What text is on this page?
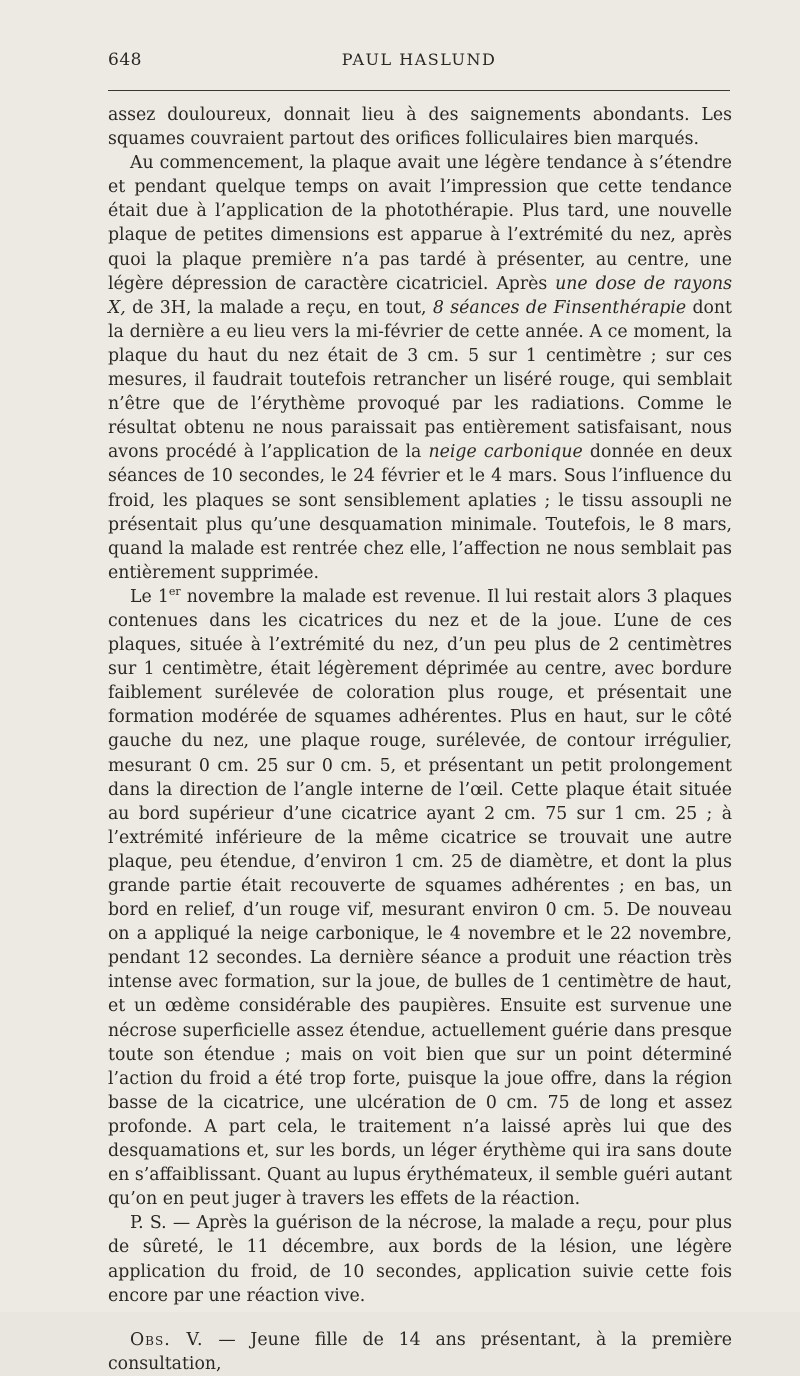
648	PAUL HASLUND

assez douloureux, donnait lieu à des saignements abondants. Les squames couvraient partout des orifices folliculaires bien marqués.

Au commencement, la plaque avait une légère tendance à s’étendre et pendant quelque temps on avait l’impression que cette tendance était due à l’application de la photothérapie. Plus tard, une nouvelle plaque de petites dimensions est apparue à l’extrémité du nez, après quoi la plaque première n’a pas tardé à présenter, au centre, une légère dépression de caractère cicatriciel. Après une dose de rayons X, de 3H, la malade a reçu, en tout, 8 séances de Finsenthérapie dont la dernière a eu lieu vers la mi-février de cette année. A ce moment, la plaque du haut du nez était de 3 cm. 5 sur 1 centimètre ; sur ces mesures, il faudrait toutefois retrancher un liséré rouge, qui semblait n’être que de l’érythème provoqué par les radiations. Comme le résultat obtenu ne nous paraissait pas entièrement satisfaisant, nous avons procédé à l’application de la neige carbonique donnée en deux séances de 10 secondes, le 24 février et le 4 mars. Sous l’influence du froid, les plaques se sont sensiblement aplaties ; le tissu assoupli ne présentait plus qu’une desquamation minimale. Toutefois, le 8 mars, quand la malade est rentrée chez elle, l’affection ne nous semblait pas entièrement supprimée.

Le 1er novembre la malade est revenue. Il lui restait alors 3 plaques contenues dans les cicatrices du nez et de la joue. L’une de ces plaques, située à l’extrémité du nez, d’un peu plus de 2 centimètres sur 1 centimètre, était légèrement déprimée au centre, avec bordure faiblement surélevée de coloration plus rouge, et présentait une formation modérée de squames adhérentes. Plus en haut, sur le côté gauche du nez, une plaque rouge, surélevée, de contour irrégulier, mesurant 0 cm. 25 sur 0 cm. 5, et présentant un petit prolongement dans la direction de l’angle interne de l’œil. Cette plaque était située au bord supérieur d’une cicatrice ayant 2 cm. 75 sur 1 cm. 25 ; à l’extrémité inférieure de la même cicatrice se trouvait une autre plaque, peu étendue, d’environ 1 cm. 25 de diamètre, et dont la plus grande partie était recouverte de squames adhérentes ; en bas, un bord en relief, d’un rouge vif, mesurant environ 0 cm. 5. De nouveau on a appliqué la neige carbonique, le 4 novembre et le 22 novembre, pendant 12 secondes. La dernière séance a produit une réaction très intense avec formation, sur la joue, de bulles de 1 centimètre de haut, et un œdème considérable des paupières. Ensuite est survenue une nécrose superficielle assez étendue, actuellement guérie dans presque toute son étendue ; mais on voit bien que sur un point déterminé l’action du froid a été trop forte, puisque la joue offre, dans la région basse de la cicatrice, une ulcération de 0 cm. 75 de long et assez profonde. A part cela, le traitement n’a laissé après lui que des desquamations et, sur les bords, un léger érythème qui ira sans doute en s’affaiblissant. Quant au lupus érythémateux, il semble guéri autant qu’on en peut juger à travers les effets de la réaction.

P. S. — Après la guérison de la nécrose, la malade a reçu, pour plus de sûreté, le 11 décembre, aux bords de la lésion, une légère application du froid, de 10 secondes, application suivie cette fois encore par une réaction vive.

Obs. V. — Jeune fille de 14 ans présentant, à la première consultation,
